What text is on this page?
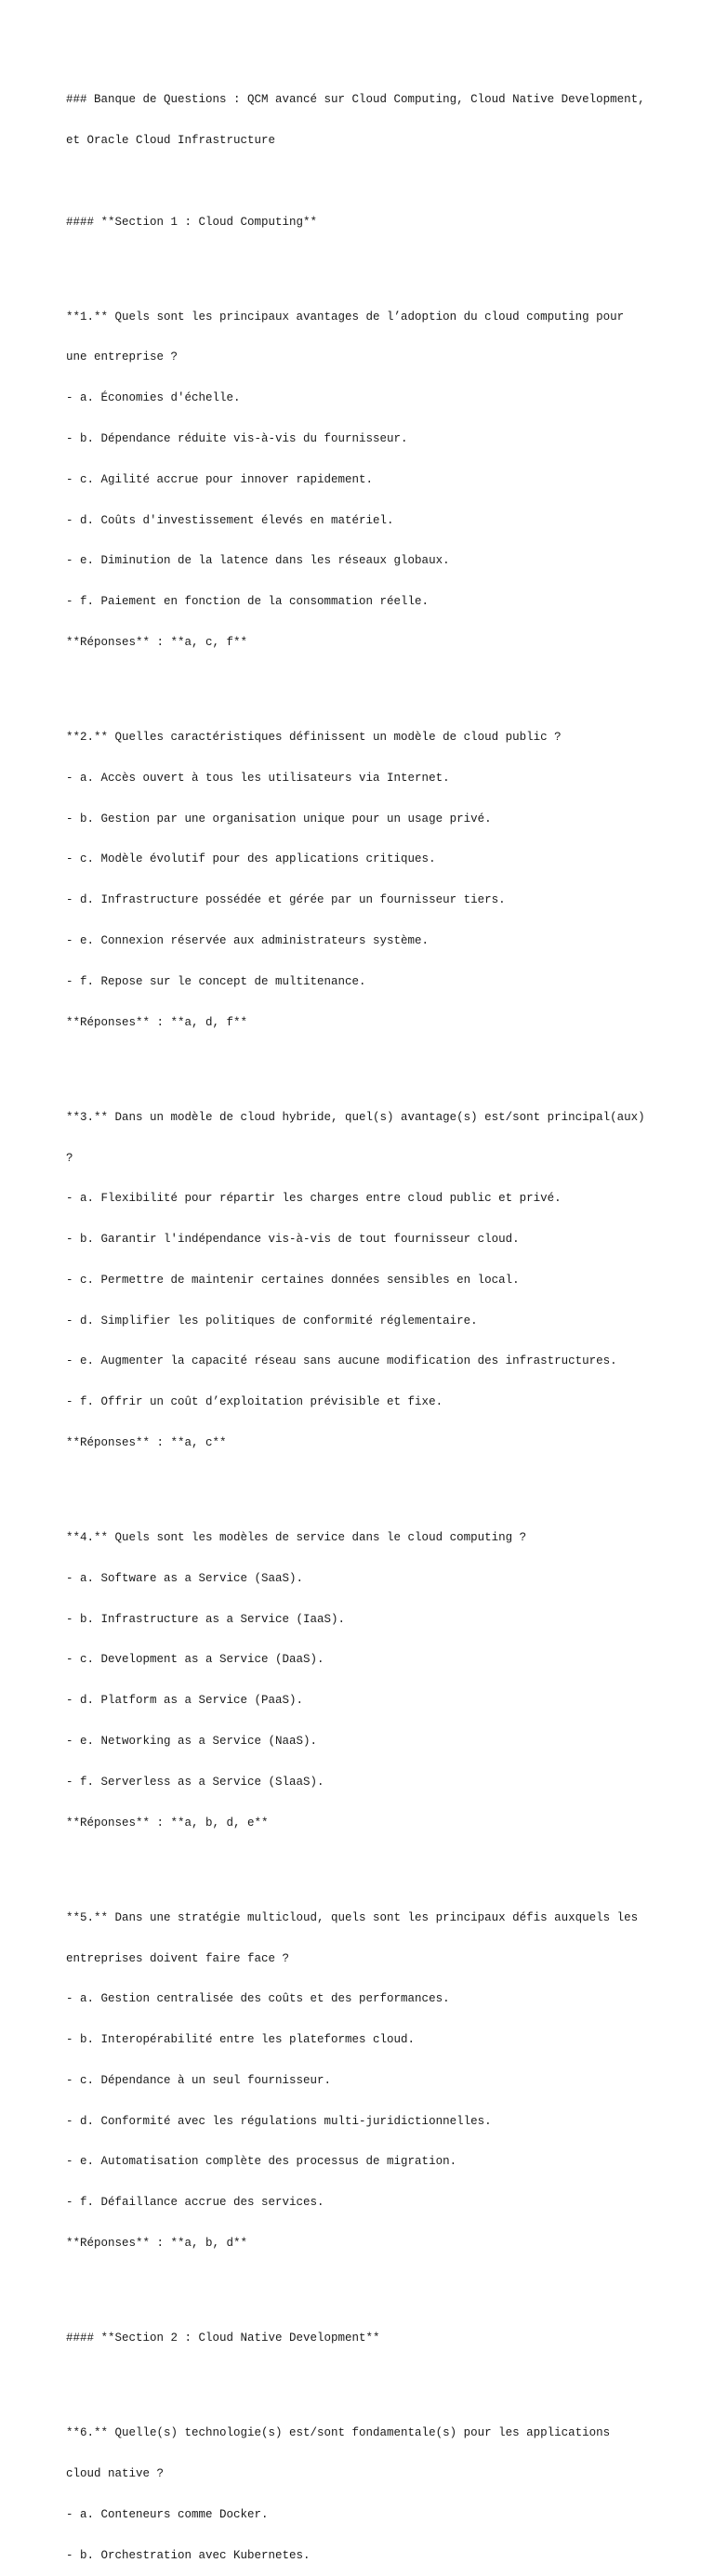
### Banque de Questions : QCM avancé sur Cloud Computing, Cloud Native Development,

et Oracle Cloud Infrastructure

#### **Section 1 : Cloud Computing**

**1.** Quels sont les principaux avantages de l’adoption du cloud computing pour

une entreprise ?

- a. Économies d'échelle.

- b. Dépendance réduite vis-à-vis du fournisseur.

- c. Agilité accrue pour innover rapidement.

- d. Coûts d'investissement élevés en matériel.

- e. Diminution de la latence dans les réseaux globaux.

- f. Paiement en fonction de la consommation réelle.

**Réponses** : **a, c, f**

**2.** Quelles caractéristiques définissent un modèle de cloud public ?

- a. Accès ouvert à tous les utilisateurs via Internet.

- b. Gestion par une organisation unique pour un usage privé.

- c. Modèle évolutif pour des applications critiques.

- d. Infrastructure possédée et gérée par un fournisseur tiers.

- e. Connexion réservée aux administrateurs système.

- f. Repose sur le concept de multitenance.

**Réponses** : **a, d, f**

**3.** Dans un modèle de cloud hybride, quel(s) avantage(s) est/sont principal(aux)

?

- a. Flexibilité pour répartir les charges entre cloud public et privé.

- b. Garantir l'indépendance vis-à-vis de tout fournisseur cloud.

- c. Permettre de maintenir certaines données sensibles en local.

- d. Simplifier les politiques de conformité réglementaire.

- e. Augmenter la capacité réseau sans aucune modification des infrastructures.

- f. Offrir un coût d’exploitation prévisible et fixe.

**Réponses** : **a, c**

**4.** Quels sont les modèles de service dans le cloud computing ?

- a. Software as a Service (SaaS).

- b. Infrastructure as a Service (IaaS).

- c. Development as a Service (DaaS).

- d. Platform as a Service (PaaS).

- e. Networking as a Service (NaaS).

- f. Serverless as a Service (SlaaS).

**Réponses** : **a, b, d, e**

**5.** Dans une stratégie multicloud, quels sont les principaux défis auxquels les

entreprises doivent faire face ?

- a. Gestion centralisée des coûts et des performances.

- b. Interopérabilité entre les plateformes cloud.

- c. Dépendance à un seul fournisseur.

- d. Conformité avec les régulations multi-juridictionnelles.

- e. Automatisation complète des processus de migration.

- f. Défaillance accrue des services.

**Réponses** : **a, b, d**

#### **Section 2 : Cloud Native Development**

**6.** Quelle(s) technologie(s) est/sont fondamentale(s) pour les applications

cloud native ?

- a. Conteneurs comme Docker.

- b. Orchestration avec Kubernetes.
